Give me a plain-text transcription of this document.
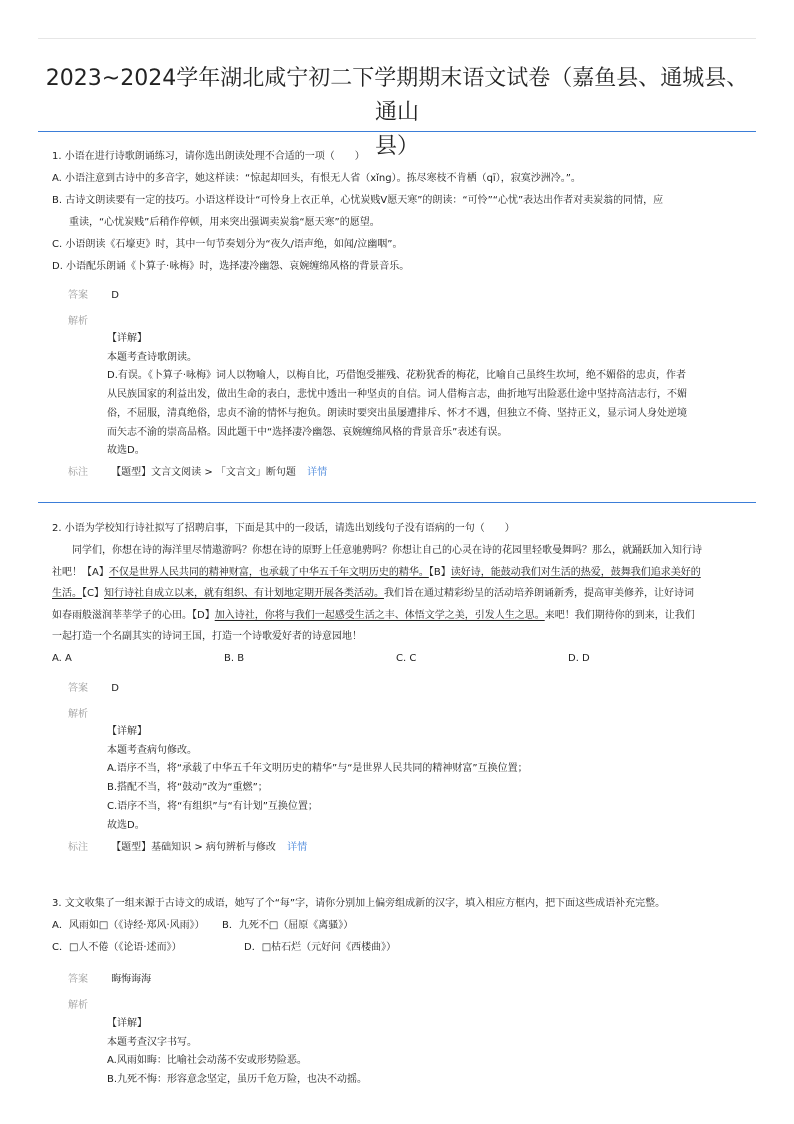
2023~2024学年湖北咸宁初二下学期期末语文试卷（嘉鱼县、通城县、通山
县）

1. 小语在进行诗歌朗诵练习，请你选出朗读处理不合适的一项（　　）

A. 小语注意到古诗中的多音字，她这样读：“惊起却回头，有恨无人省（xǐng）。拣尽寒枝不肯栖（qī），寂寞沙洲冷。”。

B. 古诗文朗读要有一定的技巧。小语这样设计“可怜身上衣正单，心忧炭贱V愿天寒”的朗读：“可怜”“心忧”表达出作者对卖炭翁的同情，应

重读，“心忧炭贱”后稍作停顿，用来突出强调卖炭翁“愿天寒”的愿望。

C. 小语朗读《石壕吏》时，其中一句节奏划分为“夜久/语声绝，如闻/泣幽咽”。

D. 小语配乐朗诵《卜算子·咏梅》时，选择凄冷幽怨、哀婉缠绵风格的背景音乐。

答案 D
解析

【详解】

本题考查诗歌朗读。

D.有误。《卜算子·咏梅》词人以物喻人，以梅自比，巧借饱受摧残、花粉犹香的梅花，比喻自己虽终生坎坷，绝不媚俗的忠贞，作者

从民族国家的利益出发，做出生命的表白，悲忧中透出一种坚贞的自信。词人借梅言志，曲折地写出险恶仕途中坚持高洁志行，不媚

俗，不屈服，清真绝俗，忠贞不渝的情怀与抱负。朗读时要突出虽屡遭排斥、怀才不遇，但独立不倚、坚持正义，显示词人身处逆境

而矢志不渝的崇高品格。因此题干中“选择凄冷幽怨、哀婉缠绵风格的背景音乐”表述有误。

故选D。

标注 【题型】文言文阅读 > 「文言文」断句题 详情

2. 小语为学校知行诗社拟写了招聘启事，下面是其中的一段话，请选出划线句子没有语病的一句（　　）

同学们，你想在诗的海洋里尽情遨游吗？你想在诗的原野上任意驰骋吗？你想让自己的心灵在诗的花园里轻歌曼舞吗？那么，就踊跃加入知行诗

社吧！【A】不仅是世界人民共同的精神财富，也承载了中华五千年文明历史的精华。【B】读好诗，能鼓动我们对生活的热爱，鼓舞我们追求美好的

生活。【C】知行诗社自成立以来，就有组织、有计划地定期开展各类活动。我们旨在通过精彩纷呈的活动培养朗诵新秀，提高审美修养，让好诗词

如春雨般滋润莘莘学子的心田。【D】加入诗社，你将与我们一起感受生活之丰、体悟文学之美，引发人生之思。来吧！我们期待你的到来，让我们

一起打造一个名副其实的诗词王国，打造一个诗歌爱好者的诗意园地！

A. A	B. B	C. C	D. D
答案 D
解析

【详解】

本题考查病句修改。

A.语序不当，将“承载了中华五千年文明历史的精华”与“是世界人民共同的精神财富”互换位置；

B.搭配不当，将“鼓动”改为“重燃”；

C.语序不当，将“有组织”与“有计划”互换位置；

故选D。

标注 【题型】基础知识 > 病句辨析与修改 详情

3. 文文收集了一组来源于古诗文的成语，她写了个“每”字，请你分别加上偏旁组成新的汉字，填入相应方框内，把下面这些成语补充完整。

A．风雨如□（《诗经·郑风·风雨》）	B．九死不□（屈原《离骚》）
C．□人不倦（《论语·述而》）	D．□枯石烂（元好问《西楼曲》）
答案 晦悔诲海
解析

【详解】

本题考查汉字书写。

A.风雨如晦：比喻社会动荡不安或形势险恶。

B.九死不悔：形容意念坚定，虽历千危万险，也决不动摇。
